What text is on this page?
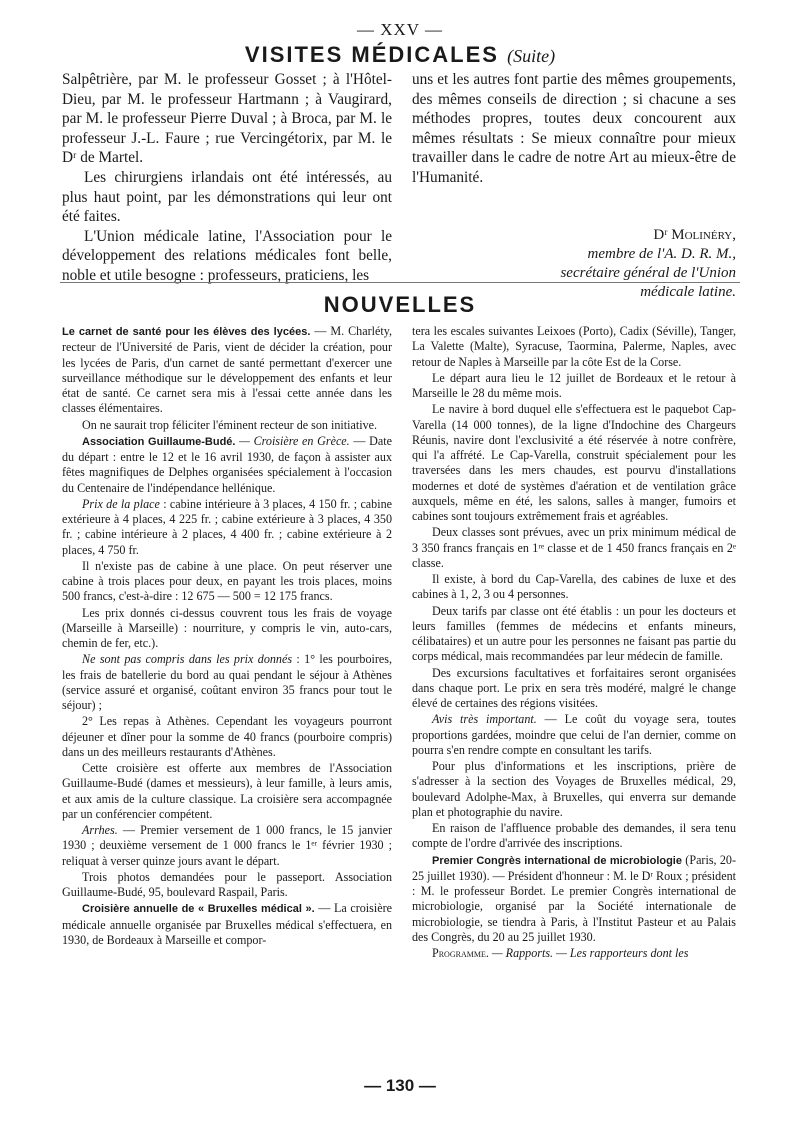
— XXV —
VISITES MÉDICALES (Suite)

Salpêtrière, par M. le professeur Gosset ; à l'Hôtel-Dieu, par M. le professeur Hartmann ; à Vaugirard, par M. le professeur Pierre Duval ; à Broca, par M. le professeur J.-L. Faure ; rue Vercingétorix, par M. le Dʳ de Martel.

Les chirurgiens irlandais ont été intéressés, au plus haut point, par les démonstrations qui leur ont été faites.

L'Union médicale latine, l'Association pour le développement des relations médicales font belle, noble et utile besogne : professeurs, praticiens, les

uns et les autres font partie des mêmes groupements, des mêmes conseils de direction ; si chacune a ses méthodes propres, toutes deux concourent aux mêmes résultats : Se mieux connaître pour mieux travailler dans le cadre de notre Art au mieux-être de l'Humanité.

Dʳ Molinéry,
membre de l'A. D. R. M.,
secrétaire général de l'Union
médicale latine.
NOUVELLES

Le carnet de santé pour les élèves des lycées. — M. Charléty, recteur de l'Université de Paris, vient de décider la création, pour les lycées de Paris, d'un carnet de santé permettant d'exercer une surveillance méthodique sur le développement des enfants et leur état de santé. Ce carnet sera mis à l'essai cette année dans les classes élémentaires.

On ne saurait trop féliciter l'éminent recteur de son initiative.

Association Guillaume-Budé. — Croisière en Grèce. — Date du départ : entre le 12 et le 16 avril 1930, de façon à assister aux fêtes magnifiques de Delphes organisées spécialement à l'occasion du Centenaire de l'indépendance hellénique.

Prix de la place : cabine intérieure à 3 places, 4 150 fr. ; cabine extérieure à 4 places, 4 225 fr. ; cabine extérieure à 3 places, 4 350 fr. ; cabine intérieure à 2 places, 4 400 fr. ; cabine extérieure à 2 places, 4 750 fr.

Il n'existe pas de cabine à une place. On peut réserver une cabine à trois places pour deux, en payant les trois places, moins 500 francs, c'est-à-dire : 12 675 — 500 = 12 175 francs.

Les prix donnés ci-dessus couvrent tous les frais de voyage (Marseille à Marseille) : nourriture, y compris le vin, auto-cars, chemin de fer, etc.).

Ne sont pas compris dans les prix donnés : 1° les pourboires, les frais de batellerie du bord au quai pendant le séjour à Athènes (service assuré et organisé, coûtant environ 35 francs pour tout le séjour) ;

2° Les repas à Athènes. Cependant les voyageurs pourront déjeuner et dîner pour la somme de 40 francs (pourboire compris) dans un des meilleurs restaurants d'Athènes.

Cette croisière est offerte aux membres de l'Association Guillaume-Budé (dames et messieurs), à leur famille, à leurs amis, et aux amis de la culture classique. La croisière sera accompagnée par un conférencier compétent.

Arrhes. — Premier versement de 1 000 francs, le 15 janvier 1930 ; deuxième versement de 1 000 francs le 1ᵉʳ février 1930 ; reliquat à verser quinze jours avant le départ.

Trois photos demandées pour le passeport. Association Guillaume-Budé, 95, boulevard Raspail, Paris.

Croisière annuelle de « Bruxelles médical ». — La croisière médicale annuelle organisée par Bruxelles médical s'effectuera, en 1930, de Bordeaux à Marseille et compor-

tera les escales suivantes Leixoes (Porto), Cadix (Séville), Tanger, La Valette (Malte), Syracuse, Taormina, Palerme, Naples, avec retour de Naples à Marseille par la côte Est de la Corse.

Le départ aura lieu le 12 juillet de Bordeaux et le retour à Marseille le 28 du même mois.

Le navire à bord duquel elle s'effectuera est le paquebot Cap-Varella (14 000 tonnes), de la ligne d'Indochine des Chargeurs Réunis, navire dont l'exclusivité a été réservée à notre confrère, qui l'a affrété. Le Cap-Varella, construit spécialement pour les traversées dans les mers chaudes, est pourvu d'installations modernes et doté de systèmes d'aération et de ventilation grâce auxquels, même en été, les salons, salles à manger, fumoirs et cabines sont toujours extrêmement frais et agréables.

Deux classes sont prévues, avec un prix minimum médical de 3 350 francs français en 1ʳᵉ classe et de 1 450 francs français en 2ᵉ classe.

Il existe, à bord du Cap-Varella, des cabines de luxe et des cabines à 1, 2, 3 ou 4 personnes.

Deux tarifs par classe ont été établis : un pour les docteurs et leurs familles (femmes de médecins et enfants mineurs, célibataires) et un autre pour les personnes ne faisant pas partie du corps médical, mais recommandées par leur médecin de famille.

Des excursions facultatives et forfaitaires seront organisées dans chaque port. Le prix en sera très modéré, malgré le change élevé de certaines des régions visitées.

Avis très important. — Le coût du voyage sera, toutes proportions gardées, moindre que celui de l'an dernier, comme on pourra s'en rendre compte en consultant les tarifs.

Pour plus d'informations et les inscriptions, prière de s'adresser à la section des Voyages de Bruxelles médical, 29, boulevard Adolphe-Max, à Bruxelles, qui enverra sur demande plan et photographie du navire.

En raison de l'affluence probable des demandes, il sera tenu compte de l'ordre d'arrivée des inscriptions.

Premier Congrès international de microbiologie (Paris, 20-25 juillet 1930). — Président d'honneur : M. le Dʳ Roux ; président : M. le professeur Bordet. Le premier Congrès international de microbiologie, organisé par la Société internationale de microbiologie, se tiendra à Paris, à l'Institut Pasteur et au Palais des Congrès, du 20 au 25 juillet 1930.

Programme. — Rapports. — Les rapporteurs dont les

— 130 —
